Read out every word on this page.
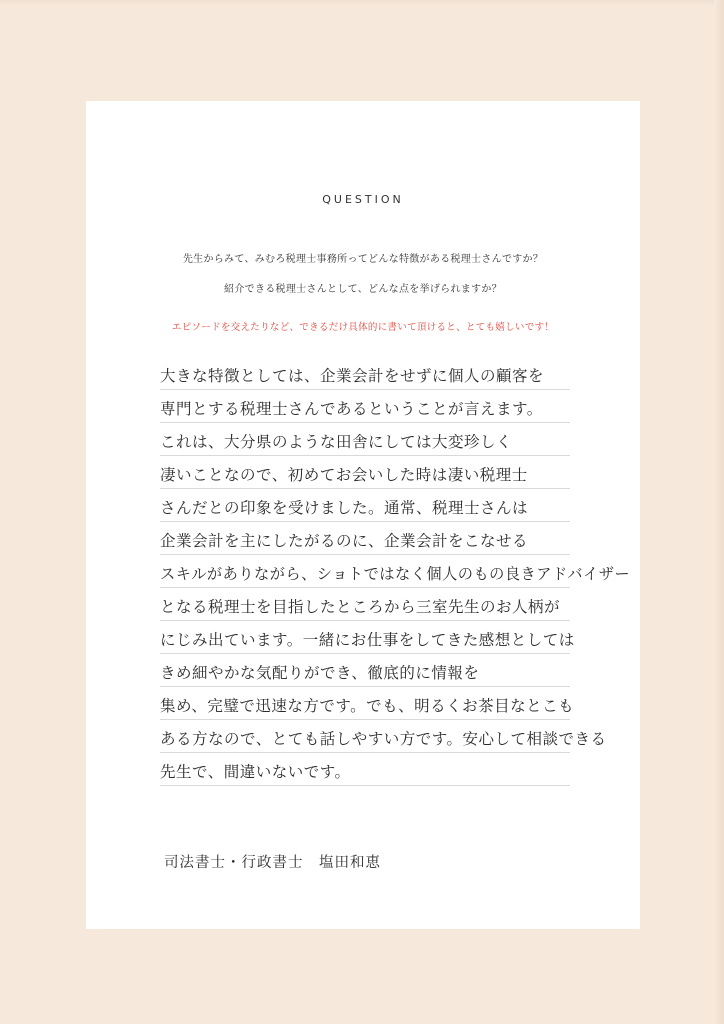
QUESTION
先生からみて、みむろ税理士事務所ってどんな特徴がある税理士さんですか？
紹介できる税理士さんとして、どんな点を挙げられますか？
エピソードを交えたりなど、できるだけ具体的に書いて頂けると、とても嬉しいです！
大きな特徴としては、企業会計をせずに個人の顧客を
専門とする税理士さんであるということが言えます。
これは、大分県のような田舎にしては大変珍しく
凄いことなので、初めてお会いした時は凄い税理士
さんだとの印象を受けました。通常、税理士さんは
企業会計を主にしたがるのに、企業会計をこなせる
スキルがありながら、ショトではなく個人のもの良きアドバイザー
となる税理士を目指したところから三室先生のお人柄が
にじみ出ています。一緒にお仕事をしてきた感想としては
きめ細やかな気配りができ、徹底的に情報を
集め、完璧で迅速な方です。でも、明るくお茶目なとこも
ある方なので、とても話しやすい方です。安心して相談できる
先生で、間違いないです。
司法書士・行政書士　塩田和恵
